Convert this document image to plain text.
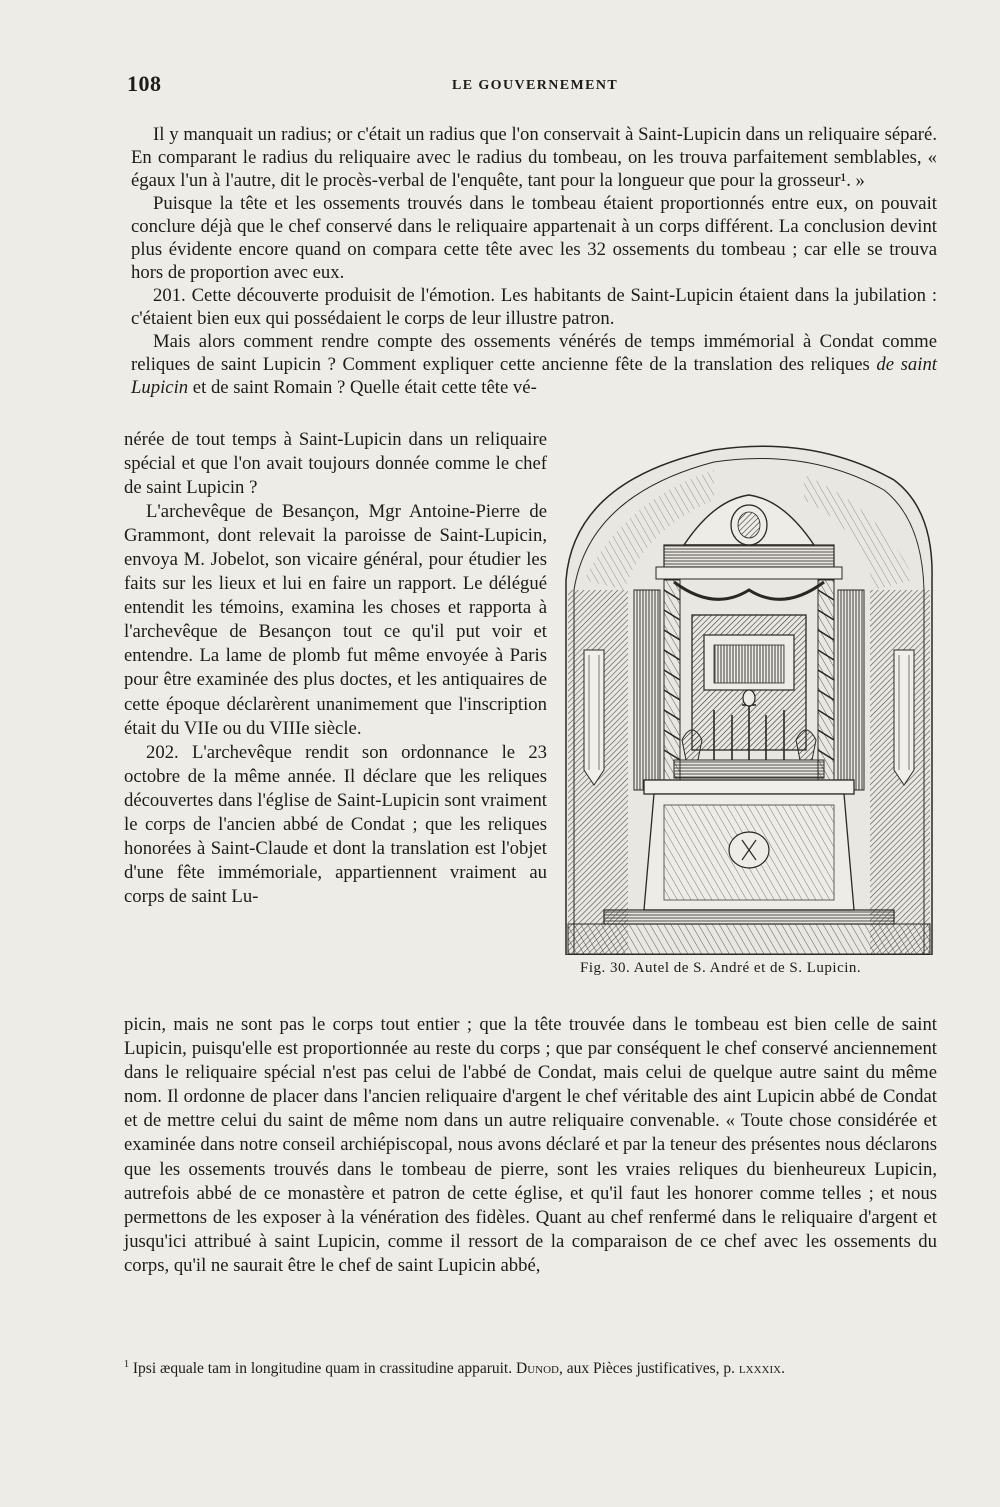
108	LE GOUVERNEMENT

Il y manquait un radius; or c'était un radius que l'on conservait à Saint-Lupicin dans un reliquaire séparé. En comparant le radius du reliquaire avec le radius du tombeau, on les trouva parfaitement semblables, « égaux l'un à l'autre, dit le procès-verbal de l'enquête, tant pour la longueur que pour la grosseur¹. »

Puisque la tête et les ossements trouvés dans le tombeau étaient proportionnés entre eux, on pouvait conclure déjà que le chef conservé dans le reliquaire appartenait à un corps différent. La conclusion devint plus évidente encore quand on compara cette tête avec les 32 ossements du tombeau ; car elle se trouva hors de proportion avec eux.

201. Cette découverte produisit de l'émotion. Les habitants de Saint-Lupicin étaient dans la jubilation : c'étaient bien eux qui possédaient le corps de leur illustre patron.

Mais alors comment rendre compte des ossements vénérés de temps immémorial à Condat comme reliques de saint Lupicin ? Comment expliquer cette ancienne fête de la translation des reliques de saint Lupicin et de saint Romain ? Quelle était cette tête vé-

nérée de tout temps à Saint-Lupicin dans un reliquaire spécial et que l'on avait toujours donnée comme le chef de saint Lupicin ?

L'archevêque de Besançon, Mgr Antoine-Pierre de Grammont, dont relevait la paroisse de Saint-Lupicin, envoya M. Jobelot, son vicaire général, pour étudier les faits sur les lieux et lui en faire un rapport. Le délégué entendit les témoins, examina les choses et rapporta à l'archevêque de Besançon tout ce qu'il put voir et entendre. La lame de plomb fut même envoyée à Paris pour être examinée des plus doctes, et les antiquaires de cette époque déclarèrent unanimement que l'inscription était du VIIe ou du VIIIe siècle.

202. L'archevêque rendit son ordonnance le 23 octobre de la même année. Il déclare que les reliques découvertes dans l'église de Saint-Lupicin sont vraiment le corps de l'ancien abbé de Condat ; que les reliques honorées à Saint-Claude et dont la translation est l'objet d'une fête immémoriale, appartiennent vraiment au corps de saint Lu-

Fig. 30. Autel de S. André et de S. Lupicin.

picin, mais ne sont pas le corps tout entier ; que la tête trouvée dans le tombeau est bien celle de saint Lupicin, puisqu'elle est proportionnée au reste du corps ; que par conséquent le chef conservé anciennement dans le reliquaire spécial n'est pas celui de l'abbé de Condat, mais celui de quelque autre saint du même nom. Il ordonne de placer dans l'ancien reliquaire d'argent le chef véritable des aint Lupicin abbé de Condat et de mettre celui du saint de même nom dans un autre reliquaire convenable. « Toute chose considérée et examinée dans notre conseil archiépiscopal, nous avons déclaré et par la teneur des présentes nous déclarons que les ossements trouvés dans le tombeau de pierre, sont les vraies reliques du bienheureux Lupicin, autrefois abbé de ce monastère et patron de cette église, et qu'il faut les honorer comme telles ; et nous permettons de les exposer à la vénération des fidèles. Quant au chef renfermé dans le reliquaire d'argent et jusqu'ici attribué à saint Lupicin, comme il ressort de la comparaison de ce chef avec les ossements du corps, qu'il ne saurait être le chef de saint Lupicin abbé,

$^1$ Ipsi æquale tam in longitudine quam in crassitudine apparuit. Dunod, aux Pièces justificatives, p. lxxxix.
